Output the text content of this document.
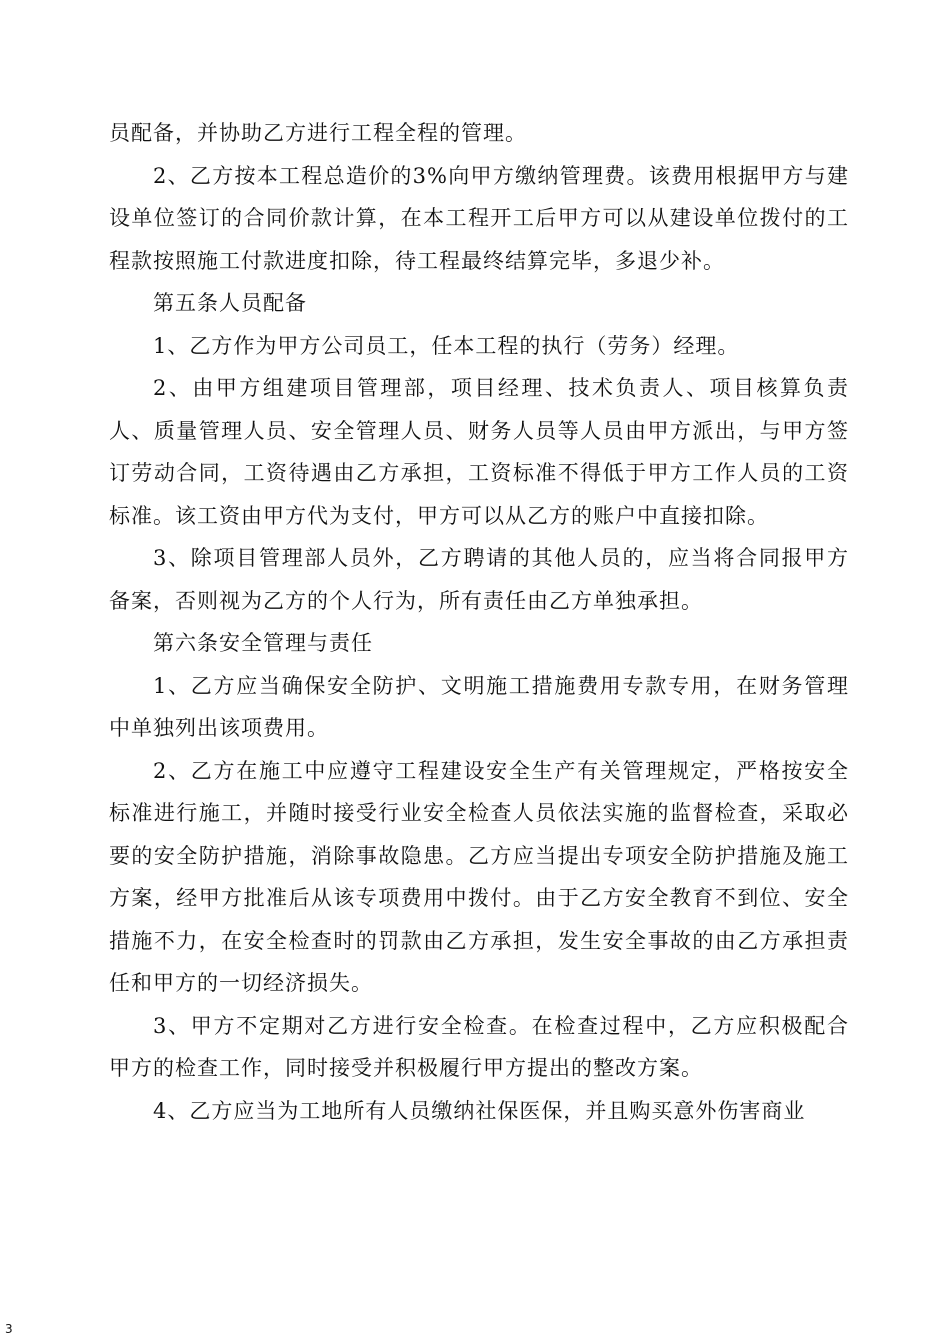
员配备，并协助乙方进行工程全程的管理。

2、乙方按本工程总造价的3%向甲方缴纳管理费。该费用根据甲方与建设单位签订的合同价款计算，在本工程开工后甲方可以从建设单位拨付的工程款按照施工付款进度扣除，待工程最终结算完毕，多退少补。

第五条人员配备

1、乙方作为甲方公司员工，任本工程的执行（劳务）经理。

2、由甲方组建项目管理部，项目经理、技术负责人、项目核算负责人、质量管理人员、安全管理人员、财务人员等人员由甲方派出，与甲方签订劳动合同，工资待遇由乙方承担，工资标准不得低于甲方工作人员的工资标准。该工资由甲方代为支付，甲方可以从乙方的账户中直接扣除。

3、除项目管理部人员外，乙方聘请的其他人员的，应当将合同报甲方备案，否则视为乙方的个人行为，所有责任由乙方单独承担。

第六条安全管理与责任

1、乙方应当确保安全防护、文明施工措施费用专款专用，在财务管理中单独列出该项费用。

2、乙方在施工中应遵守工程建设安全生产有关管理规定，严格按安全标准进行施工，并随时接受行业安全检查人员依法实施的监督检查，采取必要的安全防护措施，消除事故隐患。乙方应当提出专项安全防护措施及施工方案，经甲方批准后从该专项费用中拨付。由于乙方安全教育不到位、安全措施不力，在安全检查时的罚款由乙方承担，发生安全事故的由乙方承担责任和甲方的一切经济损失。

3、甲方不定期对乙方进行安全检查。在检查过程中，乙方应积极配合甲方的检查工作，同时接受并积极履行甲方提出的整改方案。

4、乙方应当为工地所有人员缴纳社保医保，并且购买意外伤害商业

3
